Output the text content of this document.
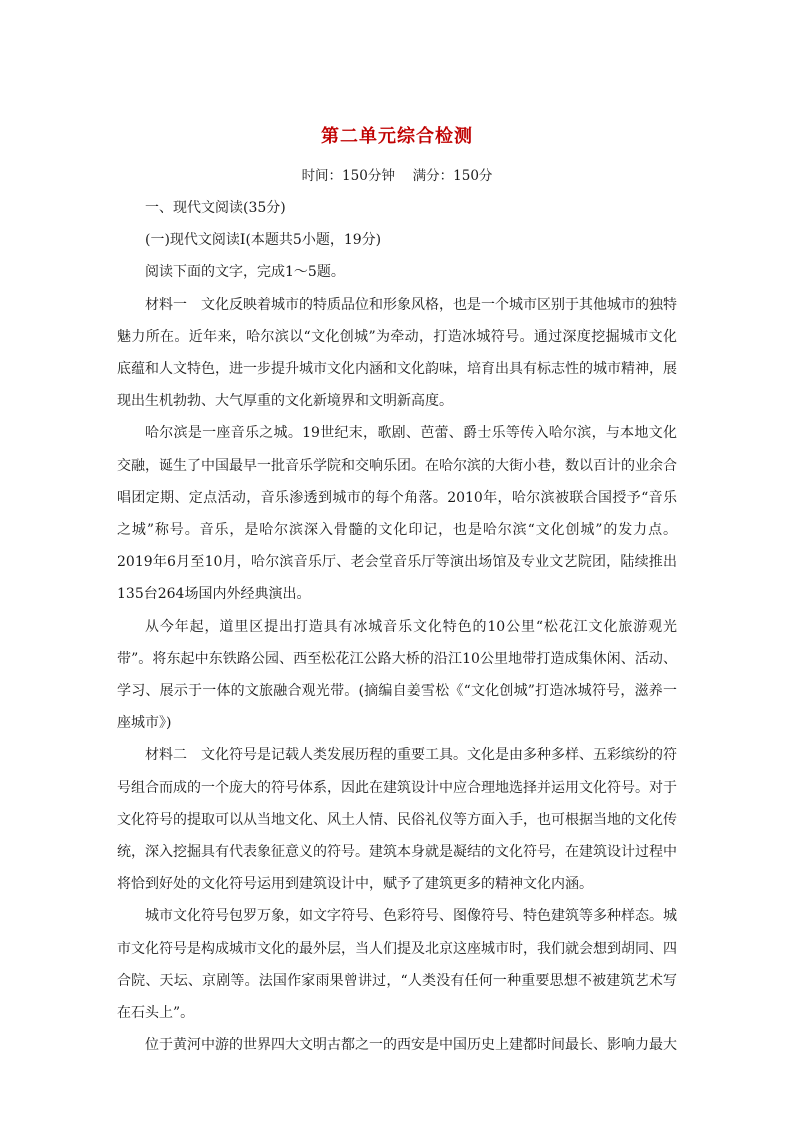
第二单元综合检测

时间：150分钟　 满分：150分

一、现代文阅读(35分)

(一)现代文阅读Ⅰ(本题共5小题，19分)

阅读下面的文字，完成1～5题。

材料一　文化反映着城市的特质品位和形象风格，也是一个城市区别于其他城市的独特魅力所在。近年来，哈尔滨以“文化创城”为牵动，打造冰城符号。通过深度挖掘城市文化底蕴和人文特色，进一步提升城市文化内涵和文化韵味，培育出具有标志性的城市精神，展现出生机勃勃、大气厚重的文化新境界和文明新高度。

哈尔滨是一座音乐之城。19世纪末，歌剧、芭蕾、爵士乐等传入哈尔滨，与本地文化交融，诞生了中国最早一批音乐学院和交响乐团。在哈尔滨的大街小巷，数以百计的业余合唱团定期、定点活动，音乐渗透到城市的每个角落。2010年，哈尔滨被联合国授予“音乐之城”称号。音乐，是哈尔滨深入骨髓的文化印记，也是哈尔滨“文化创城”的发力点。2019年6月至10月，哈尔滨音乐厅、老会堂音乐厅等演出场馆及专业文艺院团，陆续推出135台264场国内外经典演出。

从今年起，道里区提出打造具有冰城音乐文化特色的10公里“松花江文化旅游观光带”。将东起中东铁路公园、西至松花江公路大桥的沿江10公里地带打造成集休闲、活动、学习、展示于一体的文旅融合观光带。(摘编自姜雪松《“文化创城”打造冰城符号，滋养一座城市》)

材料二　文化符号是记载人类发展历程的重要工具。文化是由多种多样、五彩缤纷的符号组合而成的一个庞大的符号体系，因此在建筑设计中应合理地选择并运用文化符号。对于文化符号的提取可以从当地文化、风土人情、民俗礼仪等方面入手，也可根据当地的文化传统，深入挖掘具有代表象征意义的符号。建筑本身就是凝结的文化符号，在建筑设计过程中将恰到好处的文化符号运用到建筑设计中，赋予了建筑更多的精神文化内涵。

城市文化符号包罗万象，如文字符号、色彩符号、图像符号、特色建筑等多种样态。城市文化符号是构成城市文化的最外层，当人们提及北京这座城市时，我们就会想到胡同、四合院、天坛、京剧等。法国作家雨果曾讲过，“人类没有任何一种重要思想不被建筑艺术写在石头上”。

位于黄河中游的世界四大文明古都之一的西安是中国历史上建都时间最长、影响力最大
